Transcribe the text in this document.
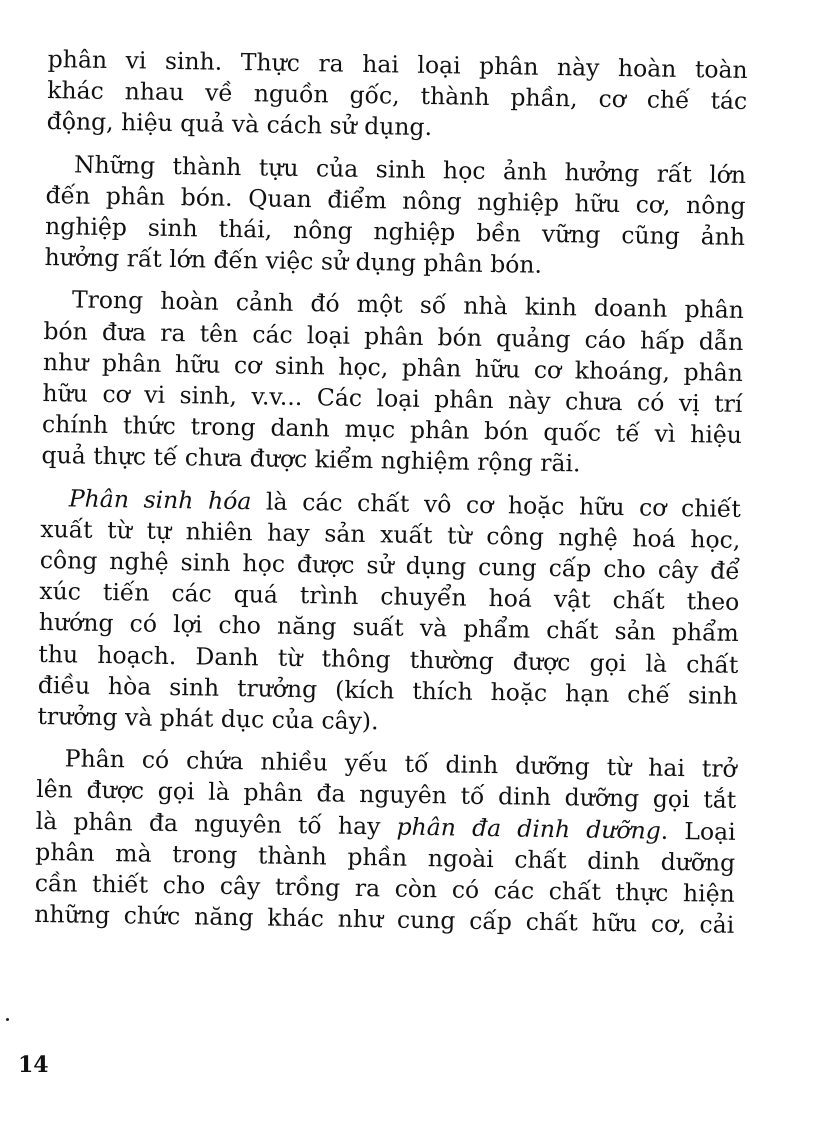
phân vi sinh. Thực ra hai loại phân này hoàn toàn
khác nhau về nguồn gốc, thành phần, cơ chế tác
động, hiệu quả và cách sử dụng.
Những thành tựu của sinh học ảnh hưởng rất lớn
đến phân bón. Quan điểm nông nghiệp hữu cơ, nông
nghiệp sinh thái, nông nghiệp bền vững cũng ảnh
hưởng rất lớn đến việc sử dụng phân bón.
Trong hoàn cảnh đó một số nhà kinh doanh phân
bón đưa ra tên các loại phân bón quảng cáo hấp dẫn
như phân hữu cơ sinh học, phân hữu cơ khoáng, phân
hữu cơ vi sinh, v.v... Các loại phân này chưa có vị trí
chính thức trong danh mục phân bón quốc tế vì hiệu
quả thực tế chưa được kiểm nghiệm rộng rãi.
Phân sinh hóa là các chất vô cơ hoặc hữu cơ chiết
xuất từ tự nhiên hay sản xuất từ công nghệ hoá học,
công nghệ sinh học được sử dụng cung cấp cho cây để
xúc tiến các quá trình chuyển hoá vật chất theo
hướng có lợi cho năng suất và phẩm chất sản phẩm
thu hoạch. Danh từ thông thường được gọi là chất
điều hòa sinh trưởng (kích thích hoặc hạn chế sinh
trưởng và phát dục của cây).
Phân có chứa nhiều yếu tố dinh dưỡng từ hai trở
lên được gọi là phân đa nguyên tố dinh dưỡng gọi tắt
là phân đa nguyên tố hay phân đa dinh dưỡng. Loại
phân mà trong thành phần ngoài chất dinh dưỡng
cần thiết cho cây trồng ra còn có các chất thực hiện
những chức năng khác như cung cấp chất hữu cơ, cải
14
